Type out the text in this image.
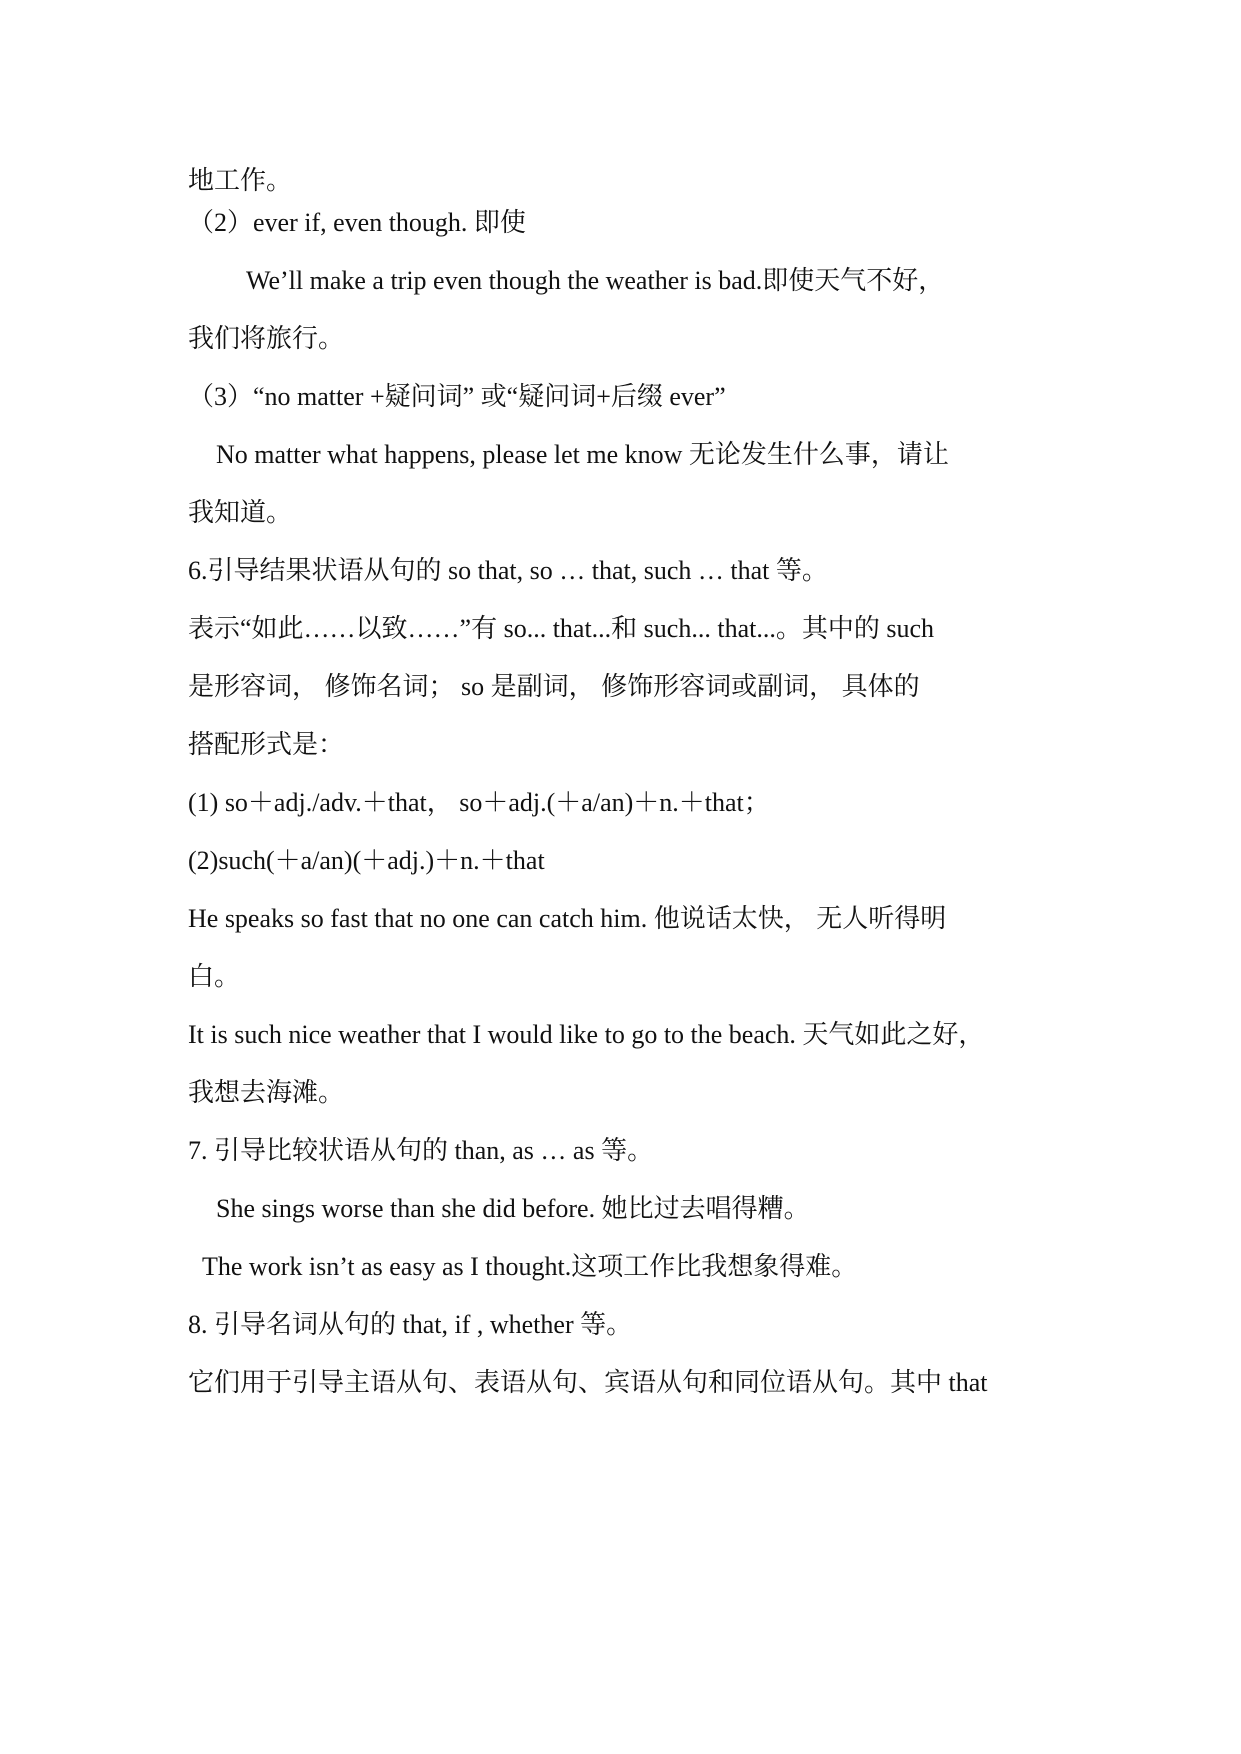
地工作。
（2）ever if, even though. 即使
We’ll make a trip even though the weather is bad.即使天气不好，
我们将旅行。
（3）“no matter +疑问词” 或“疑问词+后缀 ever”
No matter what happens, please let me know 无论发生什么事，请让
我知道。
6.引导结果状语从句的 so that, so … that, such … that 等。
表示“如此……以致……”有 so... that...和 such... that...。其中的 such
是形容词， 修饰名词； so 是副词， 修饰形容词或副词， 具体的
搭配形式是：
(1) so＋adj./adv.＋that， so＋adj.(＋a/an)＋n.＋that；
(2)such(＋a/an)(＋adj.)＋n.＋that
He speaks so fast that no one can catch him. 他说话太快， 无人听得明
白。
It is such nice weather that I would like to go to the beach. 天气如此之好，
我想去海滩。
7. 引导比较状语从句的 than, as … as 等。
She sings worse than she did before. 她比过去唱得糟。
The work isn’t as easy as I thought.这项工作比我想象得难。
8. 引导名词从句的 that, if , whether 等。
它们用于引导主语从句、表语从句、宾语从句和同位语从句。其中 that
